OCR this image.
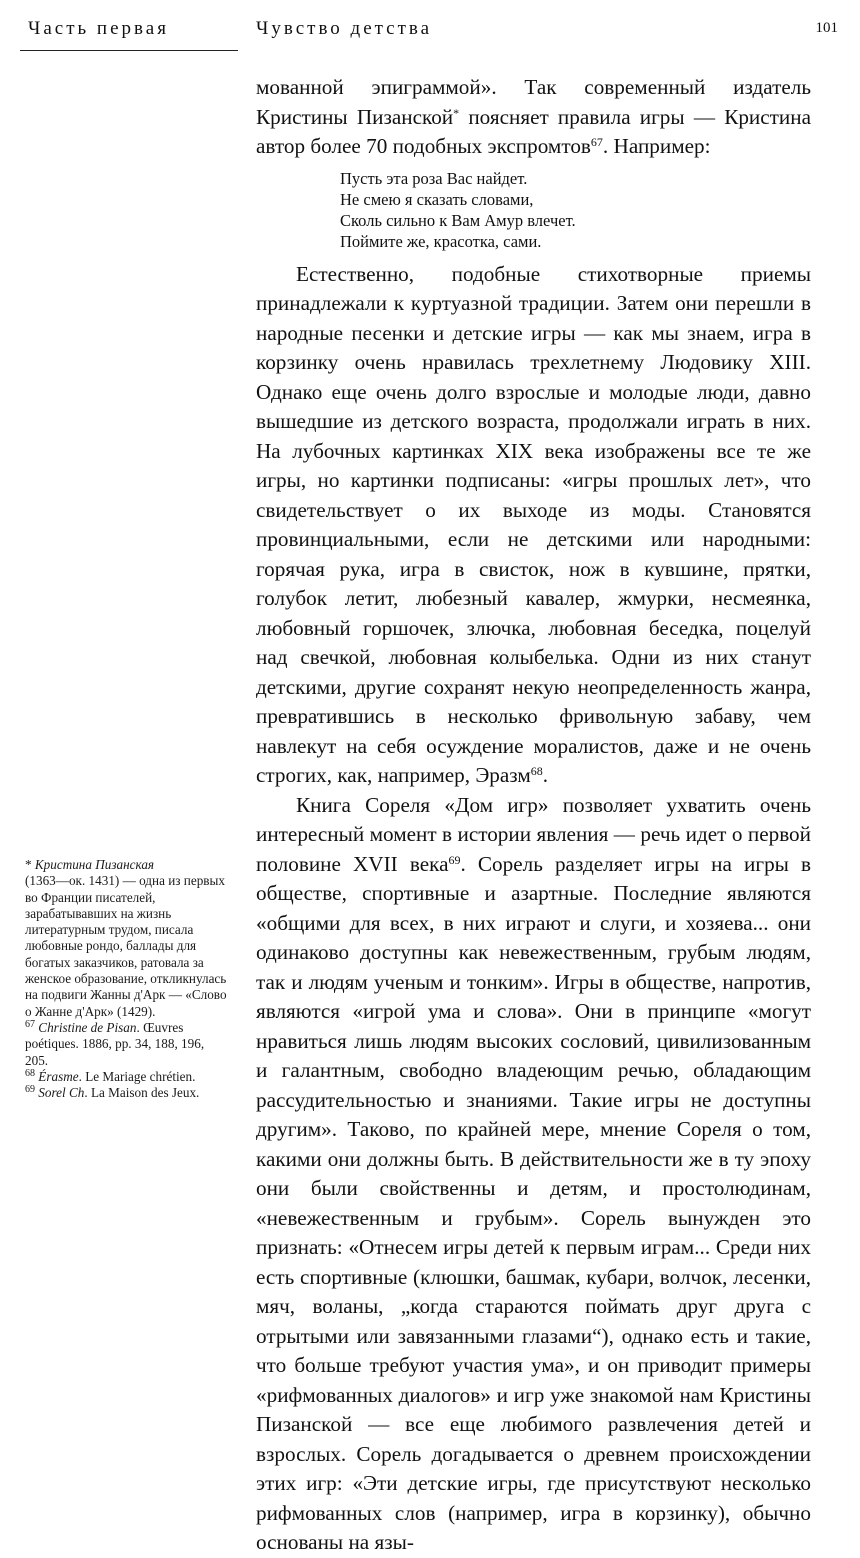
Часть первая	Чувство детства	101

мованной эпиграммой». Так современный издатель Кристины Пизанской* поясняет правила игры — Кристина автор более 70 подобных экспромтов$^{67}$. Например:

Пусть эта роза Вас найдет.
Не смею я сказать словами,
Сколь сильно к Вам Амур влечет.
Поймите же, красотка, сами.

Естественно, подобные стихотворные приемы принадлежали к куртуазной традиции. Затем они перешли в народные песенки и детские игры — как мы знаем, игра в корзинку очень нравилась трехлетнему Людовику XIII. Однако еще очень долго взрослые и молодые люди, давно вышедшие из детского возраста, продолжали играть в них. На лубочных картинках XIX века изображены все те же игры, но картинки подписаны: «игры прошлых лет», что свидетельствует о их выходе из моды. Становятся провинциальными, если не детскими или народными: горячая рука, игра в свисток, нож в кувшине, прятки, голубок летит, любезный кавалер, жмурки, несмеянка, любовный горшочек, злючка, любовная беседка, поцелуй над свечкой, любовная колыбелька. Одни из них станут детскими, другие сохранят некую неопределенность жанра, превратившись в несколько фривольную забаву, чем навлекут на себя осуждение моралистов, даже и не очень строгих, как, например, Эразм$^{68}$.

Книга Сореля «Дом игр» позволяет ухватить очень интересный момент в истории явления — речь идет о первой половине XVII века$^{69}$. Сорель разделяет игры на игры в обществе, спортивные и азартные. Последние являются «общими для всех, в них играют и слуги, и хозяева... они одинаково доступны как невежественным, грубым людям, так и людям ученым и тонким». Игры в обществе, напротив, являются «игрой ума и слова». Они в принципе «могут нравиться лишь людям высоких сословий, цивилизованным и галантным, свободно владеющим речью, обладающим рассудительностью и знаниями. Такие игры не доступны другим». Таково, по крайней мере, мнение Сореля о том, какими они должны быть. В действительности же в ту эпоху они были свойственны и детям, и простолюдинам, «невежественным и грубым». Сорель вынужден это признать: «Отнесем игры детей к первым играм... Среди них есть спортивные (клюшки, башмак, кубари, волчок, лесенки, мяч, воланы, „когда стараются поймать друг друга с отрытыми или завязанными глазами“), однако есть и такие, что больше требуют участия ума», и он приводит примеры «рифмованных диалогов» и игр уже знакомой нам Кристины Пизанской — все еще любимого развлечения детей и взрослых. Сорель догадывается о древнем происхождении этих игр: «Эти детские игры, где присутствуют несколько рифмованных слов (например, игра в корзинку), обычно основаны на язы-

* Кристина Пизанская
(1363—ок. 1431) — одна из первых во Франции писателей, зарабатывавших на жизнь литературным трудом, писала любовные рондо, баллады для богатых заказчиков, ратовала за женское образование, откликнулась на подвиги Жанны д'Арк — «Слово о Жанне д'Арк» (1429).

$^{67}$ Christine de Pisan. Œuvres poétiques. 1886, pp. 34, 188, 196, 205.

$^{68}$ Érasme. Le Mariage chrétien.

$^{69}$ Sorel Ch. La Maison des Jeux.
